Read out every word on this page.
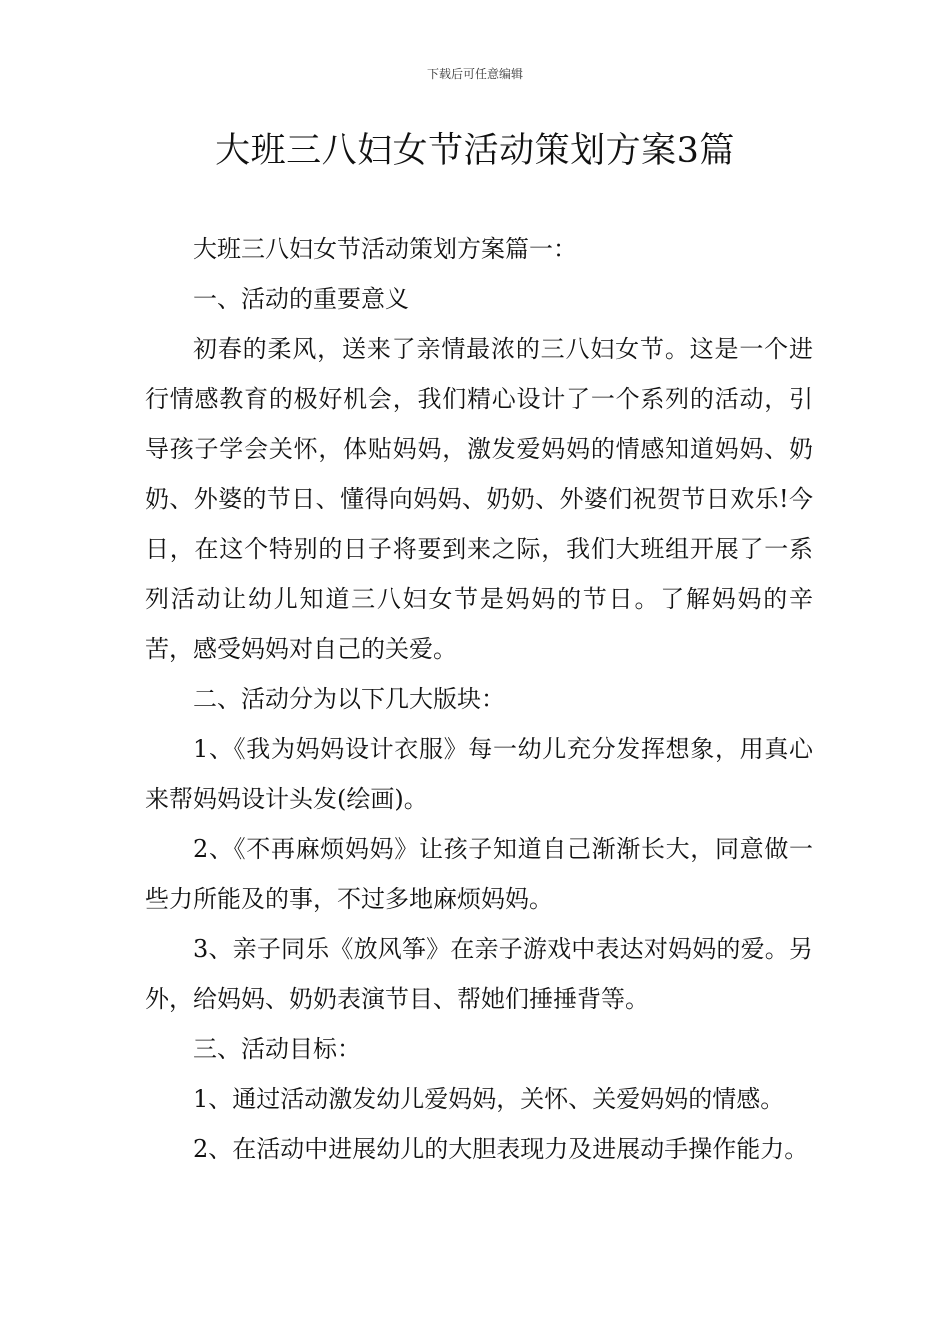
下载后可任意编辑
大班三八妇女节活动策划方案3篇

大班三八妇女节活动策划方案篇一：

一、活动的重要意义

初春的柔风，送来了亲情最浓的三八妇女节。这是一个进行情感教育的极好机会，我们精心设计了一个系列的活动，引导孩子学会关怀，体贴妈妈，激发爱妈妈的情感知道妈妈、奶奶、外婆的节日、懂得向妈妈、奶奶、外婆们祝贺节日欢乐!今日，在这个特别的日子将要到来之际，我们大班组开展了一系列活动让幼儿知道三八妇女节是妈妈的节日。了解妈妈的辛苦，感受妈妈对自己的关爱。

二、活动分为以下几大版块：

1、《我为妈妈设计衣服》每一幼儿充分发挥想象，用真心来帮妈妈设计头发(绘画)。

2、《不再麻烦妈妈》让孩子知道自己渐渐长大，同意做一些力所能及的事，不过多地麻烦妈妈。

3、亲子同乐《放风筝》在亲子游戏中表达对妈妈的爱。另外，给妈妈、奶奶表演节目、帮她们捶捶背等。

三、活动目标：

1、通过活动激发幼儿爱妈妈，关怀、关爱妈妈的情感。

2、在活动中进展幼儿的大胆表现力及进展动手操作能力。
